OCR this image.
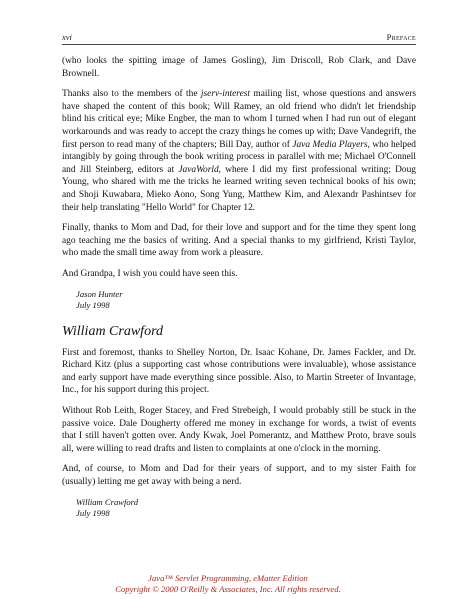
xvi	Preface

(who looks the spitting image of James Gosling), Jim Driscoll, Rob Clark, and Dave Brownell.

Thanks also to the members of the jserv-interest mailing list, whose questions and answers have shaped the content of this book; Will Ramey, an old friend who didn't let friendship blind his critical eye; Mike Engber, the man to whom I turned when I had run out of elegant workarounds and was ready to accept the crazy things he comes up with; Dave Vandegrift, the first person to read many of the chapters; Bill Day, author of Java Media Players, who helped intangibly by going through the book writing process in parallel with me; Michael O'Connell and Jill Steinberg, editors at JavaWorld, where I did my first professional writing; Doug Young, who shared with me the tricks he learned writing seven technical books of his own; and Shoji Kuwabara, Mieko Aono, Song Yung, Matthew Kim, and Alexandr Pashintsev for their help translating "Hello World" for Chapter 12.

Finally, thanks to Mom and Dad, for their love and support and for the time they spent long ago teaching me the basics of writing. And a special thanks to my girlfriend, Kristi Taylor, who made the small time away from work a pleasure.

And Grandpa, I wish you could have seen this.

Jason Hunter
July 1998
William Crawford

First and foremost, thanks to Shelley Norton, Dr. Isaac Kohane, Dr. James Fackler, and Dr. Richard Kitz (plus a supporting cast whose contributions were invaluable), whose assistance and early support have made everything since possible. Also, to Martin Streeter of Invantage, Inc., for his support during this project.

Without Rob Leith, Roger Stacey, and Fred Strebeigh, I would probably still be stuck in the passive voice. Dale Dougherty offered me money in exchange for words, a twist of events that I still haven't gotten over. Andy Kwak, Joel Pomerantz, and Matthew Proto, brave souls all, were willing to read drafts and listen to complaints at one o'clock in the morning.

And, of course, to Mom and Dad for their years of support, and to my sister Faith for (usually) letting me get away with being a nerd.

William Crawford
July 1998
Java™ Servlet Programming, eMatter Edition
Copyright © 2000 O'Reilly & Associates, Inc. All rights reserved.
